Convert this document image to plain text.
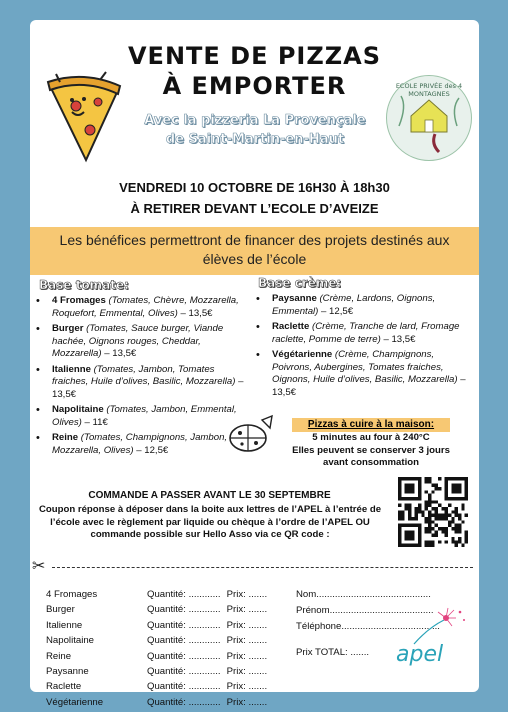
VENTE DE PIZZAS
À EMPORTER	ECOLE PRIVÉE des 4 MONTAGNES
Avec la pizzeria La Provençale
de Saint-Martin-en-Haut
VENDREDI 10 OCTOBRE DE 16H30 À 18h30
À RETIRER DEVANT L’ECOLE D’AVEIZE
Les bénéfices permettront de financer des projets destinés aux élèves de l’école
Base tomate:
• 4 Fromages (Tomates, Chèvre, Mozzarella, Roquefort, Emmental, Olives) – 13,5€
• Burger (Tomates, Sauce burger, Viande hachée, Oignons rouges, Cheddar, Mozzarella) – 13,5€
• Italienne (Tomates, Jambon, Tomates fraiches, Huile d’olives, Basilic, Mozzarella) – 13,5€
• Napolitaine (Tomates, Jambon, Emmental, Olives) – 11€
• Reine (Tomates, Champignons, Jambon, Mozzarella, Olives) – 12,5€
Base crème:
• Paysanne (Crème, Lardons, Oignons, Emmental) – 12,5€
• Raclette (Crème, Tranche de lard, Fromage raclette, Pomme de terre) – 13,5€
• Végétarienne (Crème, Champignons, Poivrons, Aubergines, Tomates fraiches, Oignons, Huile d’olives, Basilic, Mozzarella) – 13,5€
Pizzas à cuire à la maison:
5 minutes au four à 240°C
Elles peuvent se conserver 3 jours avant consommation
COMMANDE A PASSER AVANT LE 30 SEPTEMBRE
Coupon réponse à déposer dans la boite aux lettres de l’APEL à l’entrée de l’école avec le règlement par liquide ou chèque à l’ordre de l’APEL OU commande possible sur Hello Asso via ce QR code :
✂
4 Fromages
Burger
Italienne
Napolitaine
Reine
Paysanne
Raclette
Végétarienne
Quantité: ............ Prix: .......
Quantité: ............ Prix: .......
Quantité: ............ Prix: .......
Quantité: ............ Prix: .......
Quantité: ............ Prix: .......
Quantité: ............ Prix: .......
Quantité: ............ Prix: .......
Quantité: ............ Prix: .......
Nom...........................................
Prénom.......................................
Téléphone.....................................
Prix TOTAL: ....... apel
